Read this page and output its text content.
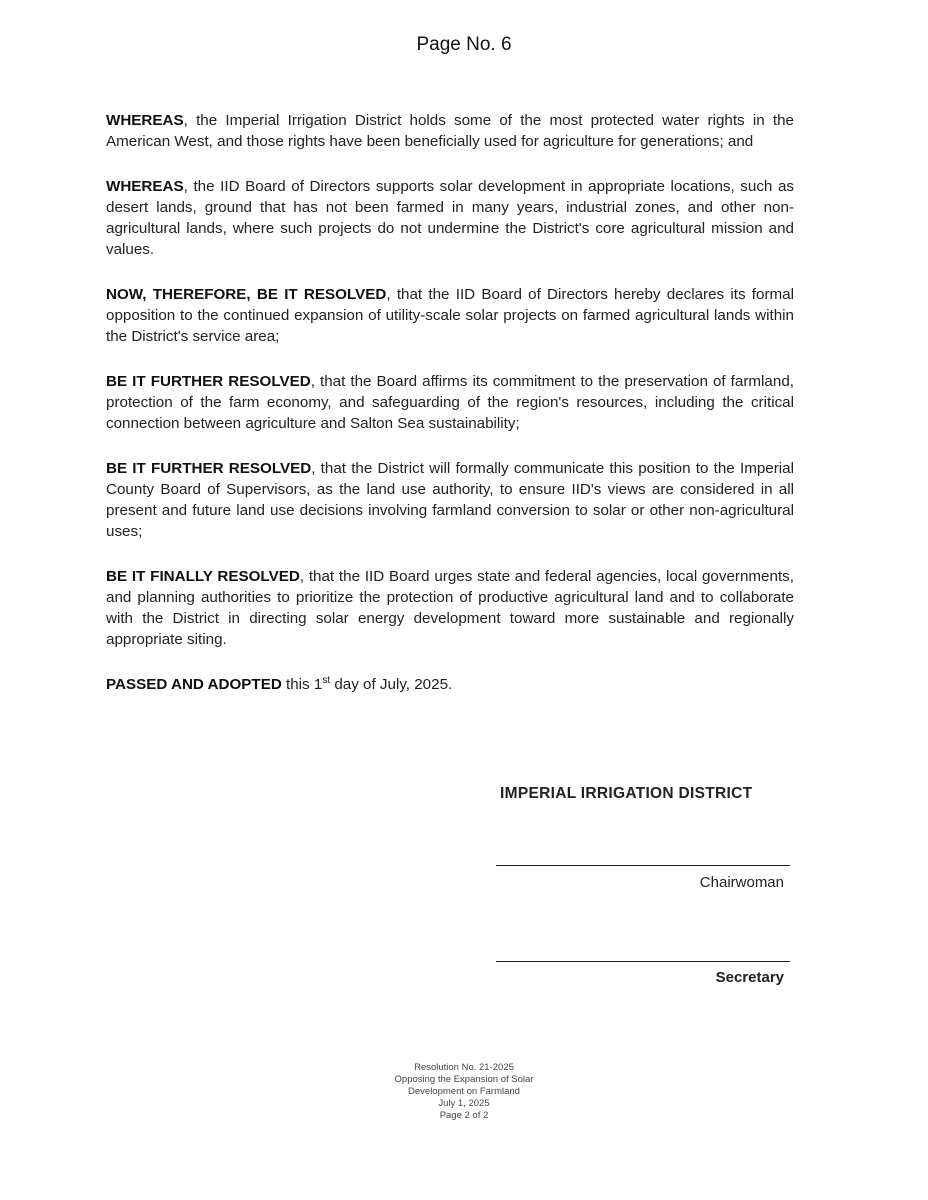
Page No. 6

WHEREAS, the Imperial Irrigation District holds some of the most protected water rights in the American West, and those rights have been beneficially used for agriculture for generations; and

WHEREAS, the IID Board of Directors supports solar development in appropriate locations, such as desert lands, ground that has not been farmed in many years, industrial zones, and other non-agricultural lands, where such projects do not undermine the District's core agricultural mission and values.

NOW, THEREFORE, BE IT RESOLVED, that the IID Board of Directors hereby declares its formal opposition to the continued expansion of utility-scale solar projects on farmed agricultural lands within the District's service area;

BE IT FURTHER RESOLVED, that the Board affirms its commitment to the preservation of farmland, protection of the farm economy, and safeguarding of the region's resources, including the critical connection between agriculture and Salton Sea sustainability;

BE IT FURTHER RESOLVED, that the District will formally communicate this position to the Imperial County Board of Supervisors, as the land use authority, to ensure IID's views are considered in all present and future land use decisions involving farmland conversion to solar or other non-agricultural uses;

BE IT FINALLY RESOLVED, that the IID Board urges state and federal agencies, local governments, and planning authorities to prioritize the protection of productive agricultural land and to collaborate with the District in directing solar energy development toward more sustainable and regionally appropriate siting.

PASSED AND ADOPTED this 1st day of July, 2025.

IMPERIAL IRRIGATION DISTRICT
Chairwoman
Secretary
Resolution No. 21-2025
Opposing the Expansion of Solar
Development on Farmland
July 1, 2025
Page 2 of 2
